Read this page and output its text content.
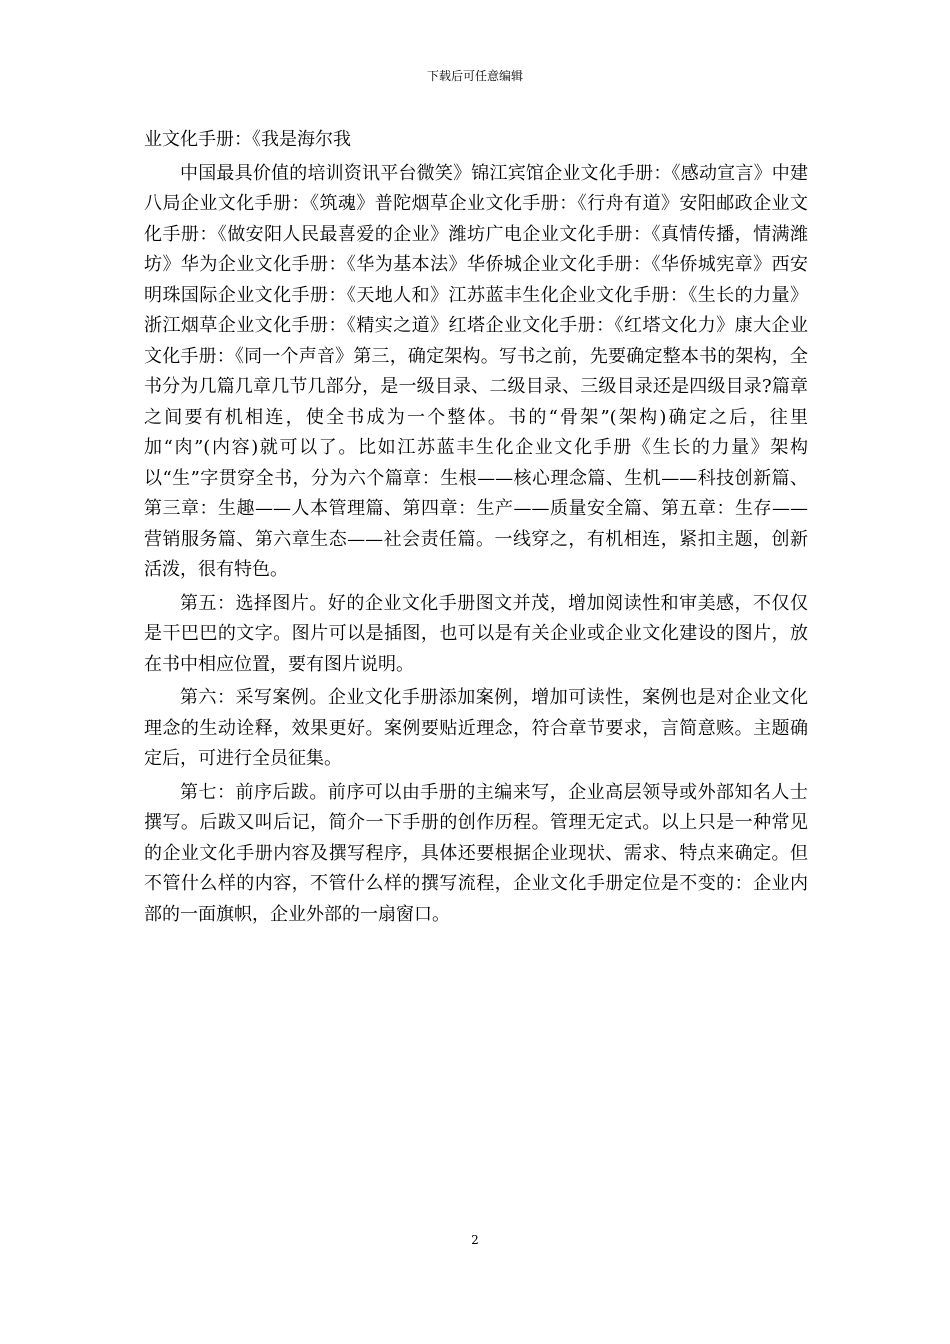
下载后可任意编辑

业文化手册：《我是海尔我

中国最具价值的培训资讯平台微笑》锦江宾馆企业文化手册：《感动宣言》中建八局企业文化手册：《筑魂》普陀烟草企业文化手册：《行舟有道》安阳邮政企业文化手册：《做安阳人民最喜爱的企业》潍坊广电企业文化手册：《真情传播，情满潍坊》华为企业文化手册：《华为基本法》华侨城企业文化手册：《华侨城宪章》西安明珠国际企业文化手册：《天地人和》江苏蓝丰生化企业文化手册：《生长的力量》浙江烟草企业文化手册：《精实之道》红塔企业文化手册：《红塔文化力》康大企业文化手册：《同一个声音》第三，确定架构。写书之前，先要确定整本书的架构，全书分为几篇几章几节几部分，是一级目录、二级目录、三级目录还是四级目录?篇章之间要有机相连，使全书成为一个整体。书的“骨架”(架构)确定之后，往里加“肉”(内容)就可以了。比如江苏蓝丰生化企业文化手册《生长的力量》架构以“生”字贯穿全书，分为六个篇章：生根——核心理念篇、生机——科技创新篇、第三章：生趣——人本管理篇、第四章：生产——质量安全篇、第五章：生存——营销服务篇、第六章生态——社会责任篇。一线穿之，有机相连，紧扣主题，创新活泼，很有特色。

第五：选择图片。好的企业文化手册图文并茂，增加阅读性和审美感，不仅仅是干巴巴的文字。图片可以是插图，也可以是有关企业或企业文化建设的图片，放在书中相应位置，要有图片说明。

第六：采写案例。企业文化手册添加案例，增加可读性，案例也是对企业文化理念的生动诠释，效果更好。案例要贴近理念，符合章节要求，言简意赅。主题确定后，可进行全员征集。

第七：前序后跋。前序可以由手册的主编来写，企业高层领导或外部知名人士撰写。后跋又叫后记，简介一下手册的创作历程。管理无定式。以上只是一种常见的企业文化手册内容及撰写程序，具体还要根据企业现状、需求、特点来确定。但不管什么样的内容，不管什么样的撰写流程，企业文化手册定位是不变的：企业内部的一面旗帜，企业外部的一扇窗口。

2
